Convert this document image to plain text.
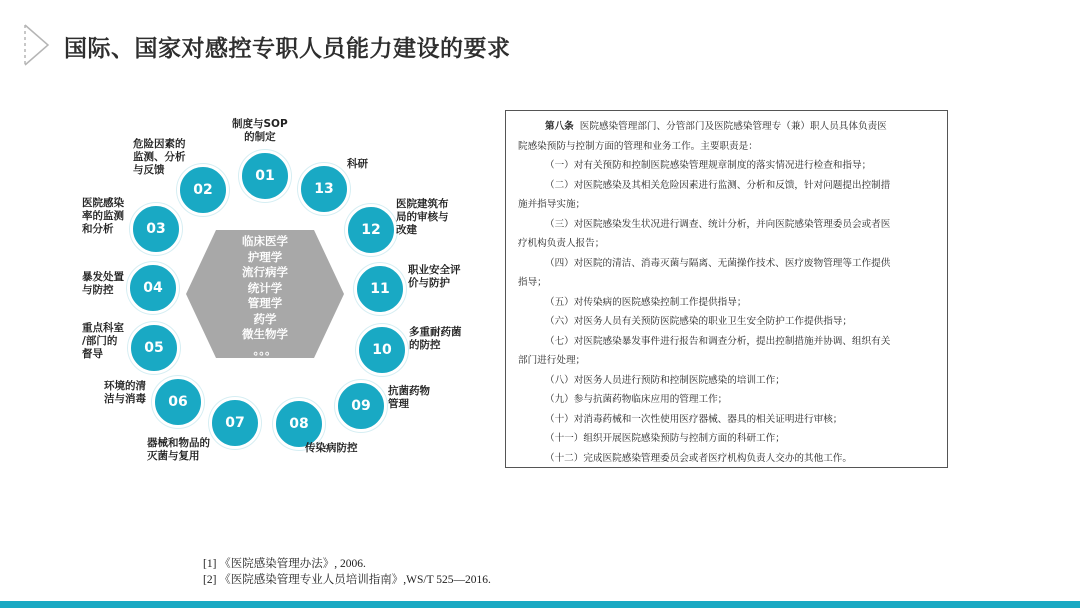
国际、国家对感控专职人员能力建设的要求
临床医学
护理学
流行病学
统计学
管理学
药学
微生物学
。。。
01
制度与SOP
的制定
02
危险因素的
监测、分析
与反馈
03
医院感染
率的监测
和分析
04
暴发处置
与防控
05
重点科室
/部门的
督导
06
环境的清
洁与消毒
07
器械和物品的
灭菌与复用
08
传染病防控
09
抗菌药物
管理
10
多重耐药菌
的防控
11
职业安全评
价与防护
12
医院建筑布
局的审核与
改建
13
科研
第八条 医院感染管理部门、分管部门及医院感染管理专（兼）职人员具体负责医
院感染预防与控制方面的管理和业务工作。主要职责是：
（一）对有关预防和控制医院感染管理规章制度的落实情况进行检查和指导；
（二）对医院感染及其相关危险因素进行监测、分析和反馈，针对问题提出控制措
施并指导实施；
（三）对医院感染发生状况进行调查、统计分析，并向医院感染管理委员会或者医
疗机构负责人报告；
（四）对医院的清洁、消毒灭菌与隔离、无菌操作技术、医疗废物管理等工作提供
指导；
（五）对传染病的医院感染控制工作提供指导；
（六）对医务人员有关预防医院感染的职业卫生安全防护工作提供指导；
（七）对医院感染暴发事件进行报告和调查分析，提出控制措施并协调、组织有关
部门进行处理；
（八）对医务人员进行预防和控制医院感染的培训工作；
（九）参与抗菌药物临床应用的管理工作；
（十）对消毒药械和一次性使用医疗器械、器具的相关证明进行审核；
（十一）组织开展医院感染预防与控制方面的科研工作；
（十二）完成医院感染管理委员会或者医疗机构负责人交办的其他工作。
[1] 《医院感染管理办法》, 2006.
[2] 《医院感染管理专业人员培训指南》,WS/T 525—2016.
